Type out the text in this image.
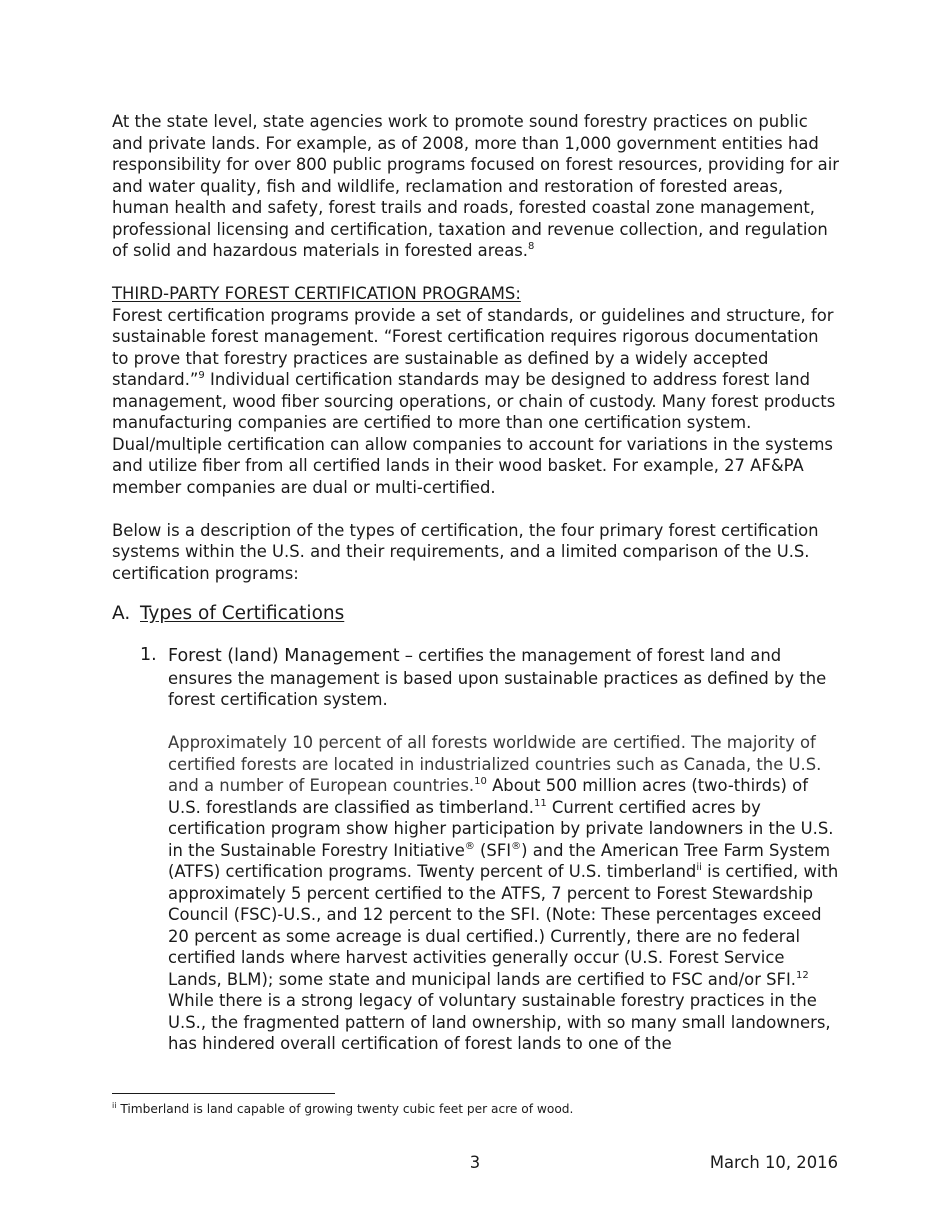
At the state level, state agencies work to promote sound forestry practices on public and private lands. For example, as of 2008, more than 1,000 government entities had responsibility for over 800 public programs focused on forest resources, providing for air and water quality, fish and wildlife, reclamation and restoration of forested areas, human health and safety, forest trails and roads, forested coastal zone management, professional licensing and certification, taxation and revenue collection, and regulation of solid and hazardous materials in forested areas.$^8$

THIRD-PARTY FOREST CERTIFICATION PROGRAMS:

Forest certification programs provide a set of standards, or guidelines and structure, for sustainable forest management. “Forest certification requires rigorous documentation to prove that forestry practices are sustainable as defined by a widely accepted standard.”$^9$ Individual certification standards may be designed to address forest land management, wood fiber sourcing operations, or chain of custody. Many forest products manufacturing companies are certified to more than one certification system. Dual/multiple certification can allow companies to account for variations in the systems and utilize fiber from all certified lands in their wood basket. For example, 27 AF&PA member companies are dual or multi-certified.

Below is a description of the types of certification, the four primary forest certification systems within the U.S. and their requirements, and a limited comparison of the U.S. certification programs:

A. Types of Certifications
1. Forest (land) Management – certifies the management of forest land and ensures the management is based upon sustainable practices as defined by the forest certification system.

Approximately 10 percent of all forests worldwide are certified. The majority of certified forests are located in industrialized countries such as Canada, the U.S. and a number of European countries.$^{10}$ About 500 million acres (two-thirds) of U.S. forestlands are classified as timberland.$^{11}$ Current certified acres by certification program show higher participation by private landowners in the U.S. in the Sustainable Forestry Initiative® (SFI®) and the American Tree Farm System (ATFS) certification programs. Twenty percent of U.S. timberland$^{ii}$ is certified, with approximately 5 percent certified to the ATFS, 7 percent to Forest Stewardship Council (FSC)-U.S., and 12 percent to the SFI. (Note: These percentages exceed 20 percent as some acreage is dual certified.) Currently, there are no federal certified lands where harvest activities generally occur (U.S. Forest Service Lands, BLM); some state and municipal lands are certified to FSC and/or SFI.$^{12}$ While there is a strong legacy of voluntary sustainable forestry practices in the U.S., the fragmented pattern of land ownership, with so many small landowners, has hindered overall certification of forest lands to one of the

$^{ii}$ Timberland is land capable of growing twenty cubic feet per acre of wood.
3	March 10, 2016
